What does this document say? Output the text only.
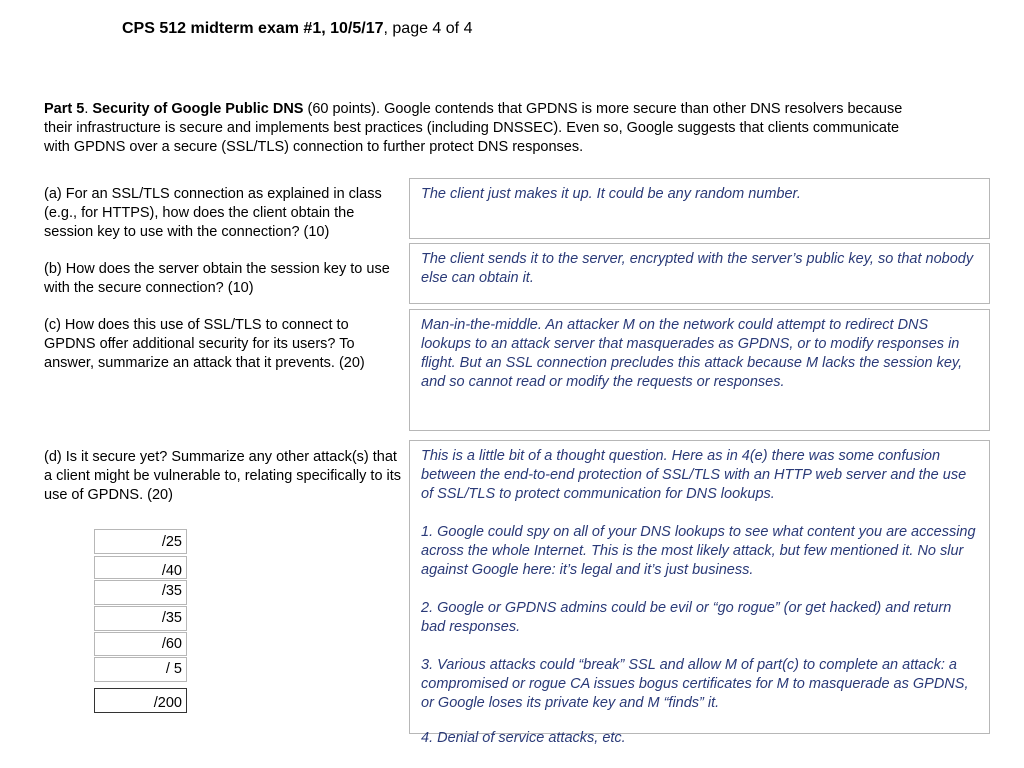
CPS 512 midterm exam #1, 10/5/17, page 4 of 4
Part 5. Security of Google Public DNS (60 points). Google contends that GPDNS is more secure than other DNS resolvers because their infrastructure is secure and implements best practices (including DNSSEC). Even so, Google suggests that clients communicate with GPDNS over a secure (SSL/TLS) connection to further protect DNS responses.
(a) For an SSL/TLS connection as explained in class (e.g., for HTTPS), how does the client obtain the session key to use with the connection? (10)
(b) How does the server obtain the session key to use with the secure connection? (10)
(c) How does this use of SSL/TLS to connect to GPDNS offer additional security for its users? To answer, summarize an attack that it prevents. (20)
(d) Is it secure yet? Summarize any other attack(s) that a client might be vulnerable to, relating specifically to its use of GPDNS. (20)

The client just makes it up. It could be any random number.

The client sends it to the server, encrypted with the server’s public key, so that nobody else can obtain it.

Man-in-the-middle. An attacker M on the network could attempt to redirect DNS lookups to an attack server that masquerades as GPDNS, or to modify responses in flight. But an SSL connection precludes this attack because M lacks the session key, and so cannot read or modify the requests or responses.

This is a little bit of a thought question. Here as in 4(e) there was some confusion between the end-to-end protection of SSL/TLS with an HTTP web server and the use of SSL/TLS to protect communication for DNS lookups.

1. Google could spy on all of your DNS lookups to see what content you are accessing across the whole Internet. This is the most likely attack, but few mentioned it. No slur against Google here: it’s legal and it’s just business.

2. Google or GPDNS admins could be evil or “go rogue” (or get hacked) and return bad responses.

3. Various attacks could “break” SSL and allow M of part(c) to complete an attack: a compromised or rogue CA issues bogus certificates for M to masquerade as GPDNS, or Google loses its private key and M “finds” it.

4. Denial of service attacks, etc.
/25
/40
/35
/35
/60
/ 5
/200
